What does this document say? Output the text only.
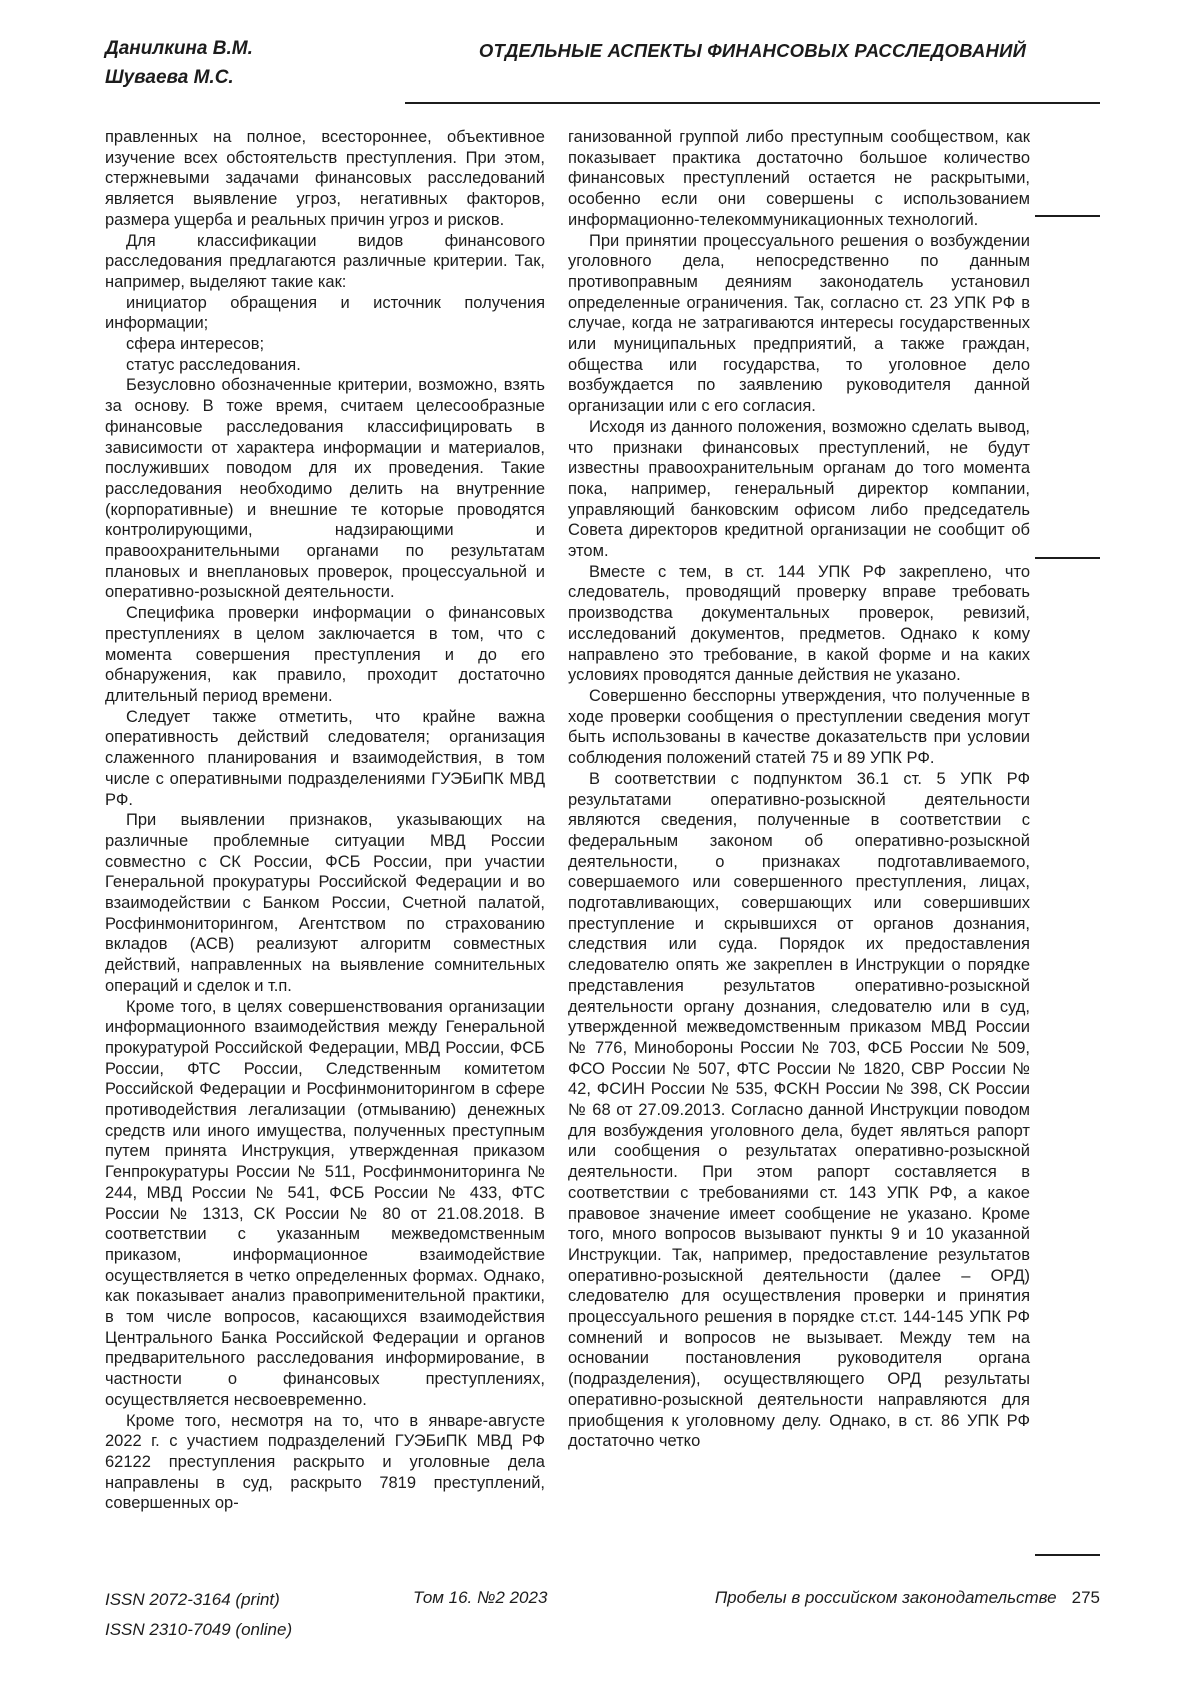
Данилкина В.М.
Шуваева М.С.
ОТДЕЛЬНЫЕ АСПЕКТЫ ФИНАНСОВЫХ РАССЛЕДОВАНИЙ

правленных на полное, всестороннее, объективное изучение всех обстоятельств преступления. При этом, стержневыми задачами финансовых расследований является выявление угроз, негативных факторов, размера ущерба и реальных причин угроз и рисков.

Для классификации видов финансового расследования предлагаются различные критерии. Так, например, выделяют такие как:

инициатор обращения и источник получения информации;

сфера интересов;

статус расследования.

Безусловно обозначенные критерии, возможно, взять за основу. В тоже время, считаем целесообразные финансовые расследования классифицировать в зависимости от характера информации и материалов, послуживших поводом для их проведения. Такие расследования необходимо делить на внутренние (корпоративные) и внешние те которые проводятся контролирующими, надзирающими и правоохранительными органами по результатам плановых и внеплановых проверок, процессуальной и оперативно-розыскной деятельности.

Специфика проверки информации о финансовых преступлениях в целом заключается в том, что с момента совершения преступления и до его обнаружения, как правило, проходит достаточно длительный период времени.

Следует также отметить, что крайне важна оперативность действий следователя; организация слаженного планирования и взаимодействия, в том числе с оперативными подразделениями ГУЭБиПК МВД РФ.

При выявлении признаков, указывающих на различные проблемные ситуации МВД России совместно с СК России, ФСБ России, при участии Генеральной прокуратуры Российской Федерации и во взаимодействии с Банком России, Счетной палатой, Росфинмониторингом, Агентством по страхованию вкладов (АСВ) реализуют алгоритм совместных действий, направленных на выявление сомнительных операций и сделок и т.п.

Кроме того, в целях совершенствования организации информационного взаимодействия между Генеральной прокуратурой Российской Федерации, МВД России, ФСБ России, ФТС России, Следственным комитетом Российской Федерации и Росфинмониторингом в сфере противодействия легализации (отмыванию) денежных средств или иного имущества, полученных преступным путем принята Инструкция, утвержденная приказом Генпрокуратуры России № 511, Росфинмониторинга № 244, МВД России № 541, ФСБ России № 433, ФТС России № 1313, СК России № 80 от 21.08.2018. В соответствии с указанным межведомственным приказом, информационное взаимодействие осуществляется в четко определенных формах. Однако, как показывает анализ правоприменительной практики, в том числе вопросов, касающихся взаимодействия Центрального Банка Российской Федерации и органов предварительного расследования информирование, в частности о финансовых преступлениях, осуществляется несвоевременно.

Кроме того, несмотря на то, что в январе-августе 2022 г. с участием подразделений ГУЭБиПК МВД РФ 62122 преступления раскрыто и уголовные дела направлены в суд, раскрыто 7819 преступлений, совершенных ор-

ганизованной группой либо преступным сообществом, как показывает практика достаточно большое количество финансовых преступлений остается не раскрытыми, особенно если они совершены с использованием информационно-телекоммуникационных технологий.

При принятии процессуального решения о возбуждении уголовного дела, непосредственно по данным противоправным деяниям законодатель установил определенные ограничения. Так, согласно ст. 23 УПК РФ в случае, когда не затрагиваются интересы государственных или муниципальных предприятий, а также граждан, общества или государства, то уголовное дело возбуждается по заявлению руководителя данной организации или с его согласия.

Исходя из данного положения, возможно сделать вывод, что признаки финансовых преступлений, не будут известны правоохранительным органам до того момента пока, например, генеральный директор компании, управляющий банковским офисом либо председатель Совета директоров кредитной организации не сообщит об этом.

Вместе с тем, в ст. 144 УПК РФ закреплено, что следователь, проводящий проверку вправе требовать производства документальных проверок, ревизий, исследований документов, предметов. Однако к кому направлено это требование, в какой форме и на каких условиях проводятся данные действия не указано.

Совершенно бесспорны утверждения, что полученные в ходе проверки сообщения о преступлении сведения могут быть использованы в качестве доказательств при условии соблюдения положений статей 75 и 89 УПК РФ.

В соответствии с подпунктом 36.1 ст. 5 УПК РФ результатами оперативно-розыскной деятельности являются сведения, полученные в соответствии с федеральным законом об оперативно-розыскной деятельности, о признаках подготавливаемого, совершаемого или совершенного преступления, лицах, подготавливающих, совершающих или совершивших преступление и скрывшихся от органов дознания, следствия или суда. Порядок их предоставления следователю опять же закреплен в Инструкции о порядке представления результатов оперативно-розыскной деятельности органу дознания, следователю или в суд, утвержденной межведомственным приказом МВД России № 776, Минобороны России № 703, ФСБ России № 509, ФСО России № 507, ФТС России № 1820, СВР России № 42, ФСИН России № 535, ФСКН России № 398, СК России № 68 от 27.09.2013. Согласно данной Инструкции поводом для возбуждения уголовного дела, будет являться рапорт или сообщения о результатах оперативно-розыскной деятельности. При этом рапорт составляется в соответствии с требованиями ст. 143 УПК РФ, а какое правовое значение имеет сообщение не указано. Кроме того, много вопросов вызывают пункты 9 и 10 указанной Инструкции. Так, например, предоставление результатов оперативно-розыскной деятельности (далее – ОРД) следователю для осуществления проверки и принятия процессуального решения в порядке ст.ст. 144-145 УПК РФ сомнений и вопросов не вызывает. Между тем на основании постановления руководителя органа (подразделения), осуществляющего ОРД результаты оперативно-розыскной деятельности направляются для приобщения к уголовному делу. Однако, в ст. 86 УПК РФ достаточно четко

ISSN 2072-3164 (print)
ISSN 2310-7049 (online)
Том 16. №2 2023	Пробелы в российском законодательстве 275
